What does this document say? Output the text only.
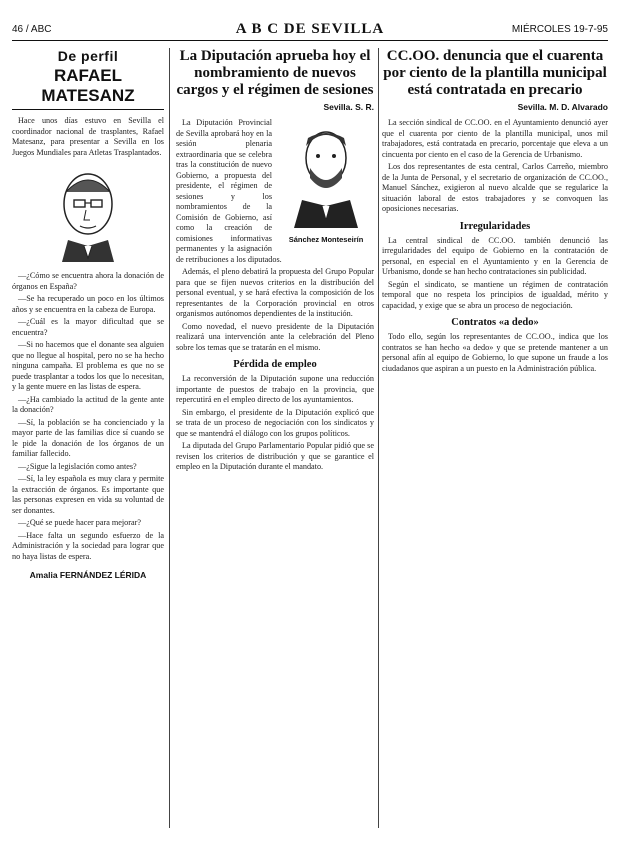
46 / ABC	A B C DE SEVILLA	MIÉRCOLES 19-7-95
De perfil
RAFAEL MATESANZ

Hace unos días estuvo en Sevilla el coordinador nacional de trasplantes, Rafael Matesanz, para presentar a Sevilla en los Juegos Mundiales para Atletas Trasplantados.

—¿Cómo se encuentra ahora la donación de órganos en España?

—Se ha recuperado un poco en los últimos años y se encuentra en la cabeza de Europa.

—¿Cuál es la mayor dificultad que se encuentra?

—Si no hacemos que el donante sea alguien que no llegue al hospital, pero no se ha hecho ninguna campaña. El problema es que no se puede trasplantar a todos los que lo necesitan, y la gente muere en las listas de espera.

—¿Ha cambiado la actitud de la gente ante la donación?

—Sí, la población se ha concienciado y la mayor parte de las familias dice sí cuando se le pide la donación de los órganos de un familiar fallecido.

—¿Sigue la legislación como antes?

—Sí, la ley española es muy clara y permite la extracción de órganos. Es importante que las personas expresen en vida su voluntad de ser donantes.

—¿Qué se puede hacer para mejorar?

—Hace falta un segundo esfuerzo de la Administración y la sociedad para lograr que no haya listas de espera.

Amalia FERNÁNDEZ LÉRIDA
La Diputación aprueba hoy el nombramiento de nuevos cargos y el régimen de sesiones
Sevilla. S. R.
Sánchez Monteseirín

La Diputación Provincial de Sevilla aprobará hoy en la sesión plenaria extraordinaria que se celebra tras la constitución de nuevo Gobierno, a propuesta del presidente, el régimen de sesiones y los nombramientos de la Comisión de Gobierno, así como la creación de comisiones informativas permanentes y la asignación de retribuciones a los diputados.

Además, el pleno debatirá la propuesta del Grupo Popular para que se fijen nuevos criterios en la distribución del personal eventual, y se hará efectiva la composición de los representantes de la Corporación provincial en otros organismos autónomos dependientes de la institución.

Como novedad, el nuevo presidente de la Diputación realizará una intervención ante la celebración del Pleno sobre los temas que se tratarán en el mismo.

Pérdida de empleo

La reconversión de la Diputación supone una reducción importante de puestos de trabajo en la provincia, que repercutirá en el empleo directo de los ayuntamientos.

Sin embargo, el presidente de la Diputación explicó que se trata de un proceso de negociación con los sindicatos y que se mantendrá el diálogo con los grupos políticos.

La diputada del Grupo Parlamentario Popular pidió que se revisen los criterios de distribución y que se garantice el empleo en la Diputación durante el mandato.

CC.OO. denuncia que el cuarenta por ciento de la plantilla municipal está contratada en precario
Sevilla. M. D. Alvarado

La sección sindical de CC.OO. en el Ayuntamiento denunció ayer que el cuarenta por ciento de la plantilla municipal, unos mil trabajadores, está contratada en precario, porcentaje que eleva a un cincuenta por ciento en el caso de la Gerencia de Urbanismo.

Los dos representantes de esta central, Carlos Carreño, miembro de la Junta de Personal, y el secretario de organización de CC.OO., Manuel Sánchez, exigieron al nuevo alcalde que se regularice la situación laboral de estos trabajadores y se convoquen las oposiciones necesarias.

Irregularidades

La central sindical de CC.OO. también denunció las irregularidades del equipo de Gobierno en la contratación de personal, en especial en el Ayuntamiento y en la Gerencia de Urbanismo, donde se han hecho contrataciones sin publicidad.

Según el sindicato, se mantiene un régimen de contratación temporal que no respeta los principios de igualdad, mérito y capacidad, y exige que se abra un proceso de negociación.

Contratos «a dedo»

Todo ello, según los representantes de CC.OO., indica que los contratos se han hecho «a dedo» y que se pretende mantener a un personal afín al equipo de Gobierno, lo que supone un fraude a los ciudadanos que aspiran a un puesto en la Administración pública.
